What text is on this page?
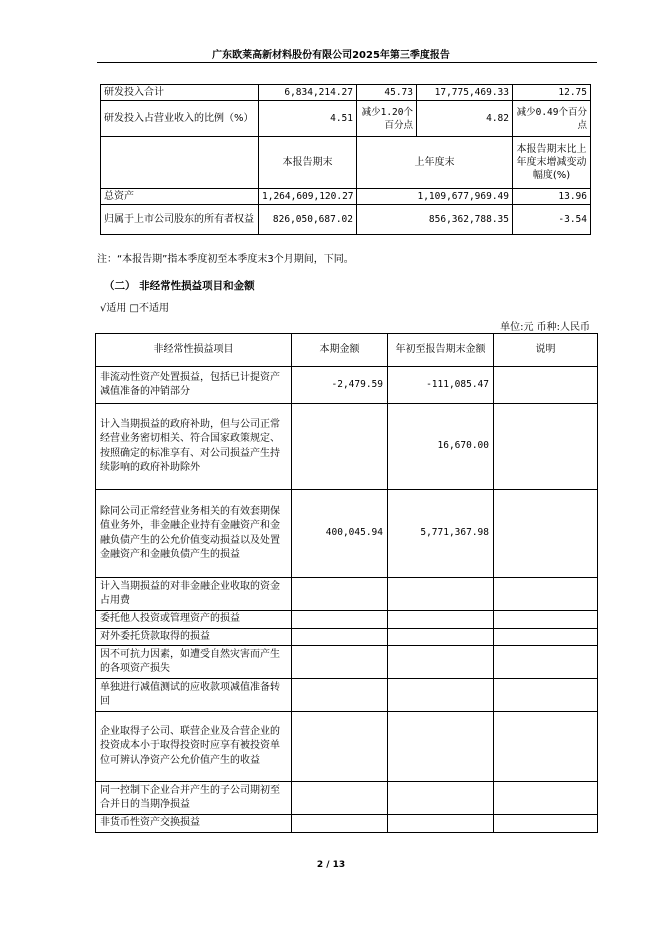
广东欧莱高新材料股份有限公司2025年第三季度报告
研发投入合计	6,834,214.27	45.73	17,775,469.33	12.75
研发投入占营业收入的比例（%）	4.51	减少1.20个百分点	4.82	减少0.49个百分点
	本报告期末	上年度末		本报告期末比上年度末增减变动幅度(%)
总资产	1,264,609,120.27	1,109,677,969.49		13.96
归属于上市公司股东的所有者权益	826,050,687.02	856,362,788.35		-3.54
注：“本报告期”指本季度初至本季度末3个月期间，下同。
（二） 非经常性损益项目和金额
√适用 □不适用
单位:元 币种:人民币
非经常性损益项目	本期金额	年初至报告期末金额	说明
非流动性资产处置损益，包括已计提资产减值准备的冲销部分	-2,479.59	-111,085.47	
计入当期损益的政府补助，但与公司正常经营业务密切相关、符合国家政策规定、按照确定的标准享有、对公司损益产生持续影响的政府补助除外		16,670.00	
除同公司正常经营业务相关的有效套期保值业务外，非金融企业持有金融资产和金融负债产生的公允价值变动损益以及处置金融资产和金融负债产生的损益	400,045.94	5,771,367.98	
计入当期损益的对非金融企业收取的资金占用费			
委托他人投资或管理资产的损益			
对外委托贷款取得的损益			
因不可抗力因素，如遭受自然灾害而产生的各项资产损失			
单独进行减值测试的应收款项减值准备转回			
企业取得子公司、联营企业及合营企业的投资成本小于取得投资时应享有被投资单位可辨认净资产公允价值产生的收益			
同一控制下企业合并产生的子公司期初至合并日的当期净损益			
非货币性资产交换损益			
2 / 13
